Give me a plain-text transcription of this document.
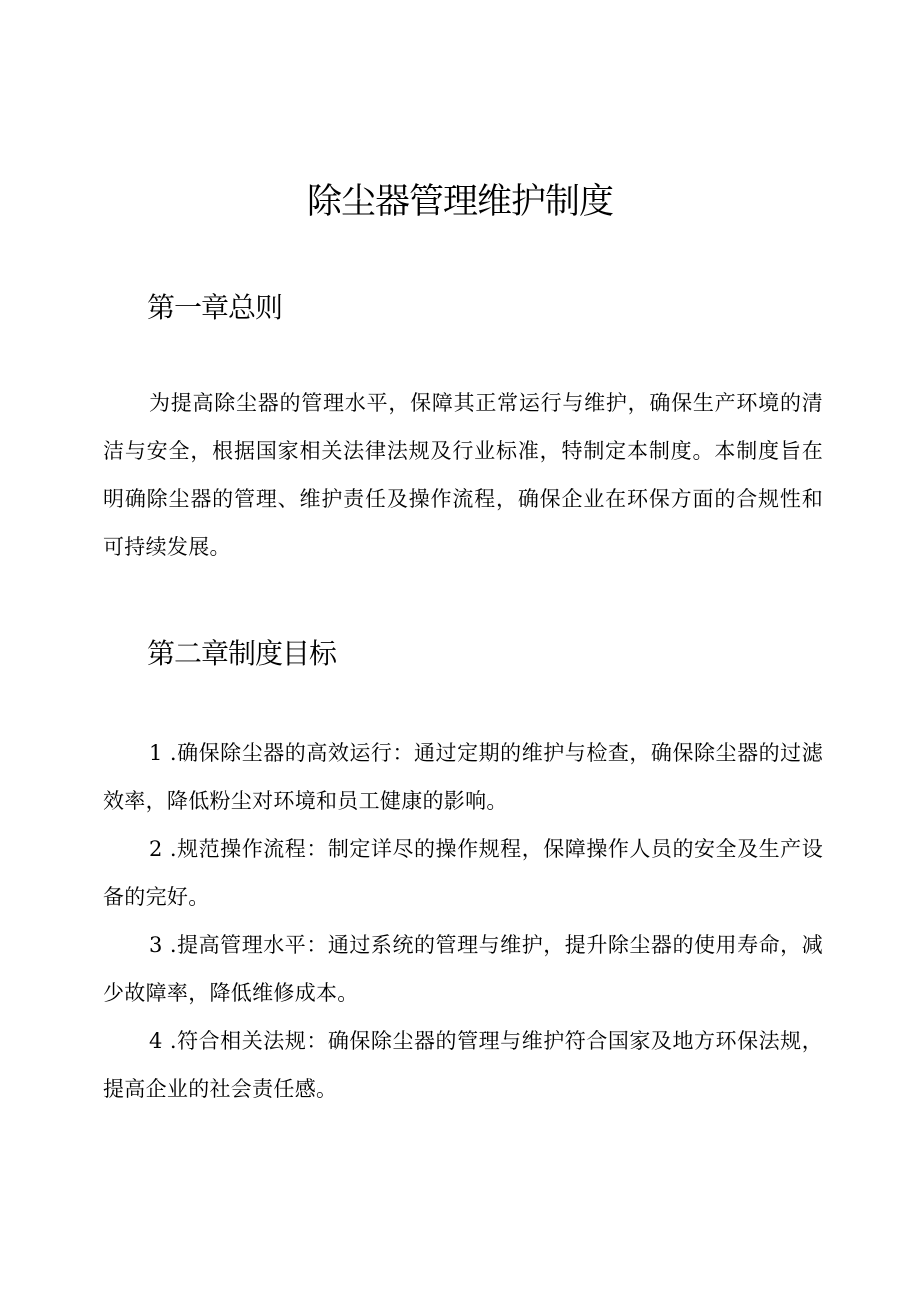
除尘器管理维护制度
第一章总则

为提高除尘器的管理水平，保障其正常运行与维护，确保生产环境的清洁与安全，根据国家相关法律法规及行业标准，特制定本制度。本制度旨在明确除尘器的管理、维护责任及操作流程，确保企业在环保方面的合规性和可持续发展。

第二章制度目标

1 .确保除尘器的高效运行：通过定期的维护与检查，确保除尘器的过滤效率，降低粉尘对环境和员工健康的影响。

2 .规范操作流程：制定详尽的操作规程，保障操作人员的安全及生产设备的完好。

3 .提高管理水平：通过系统的管理与维护，提升除尘器的使用寿命，减少故障率，降低维修成本。

4 .符合相关法规：确保除尘器的管理与维护符合国家及地方环保法规，提高企业的社会责任感。
